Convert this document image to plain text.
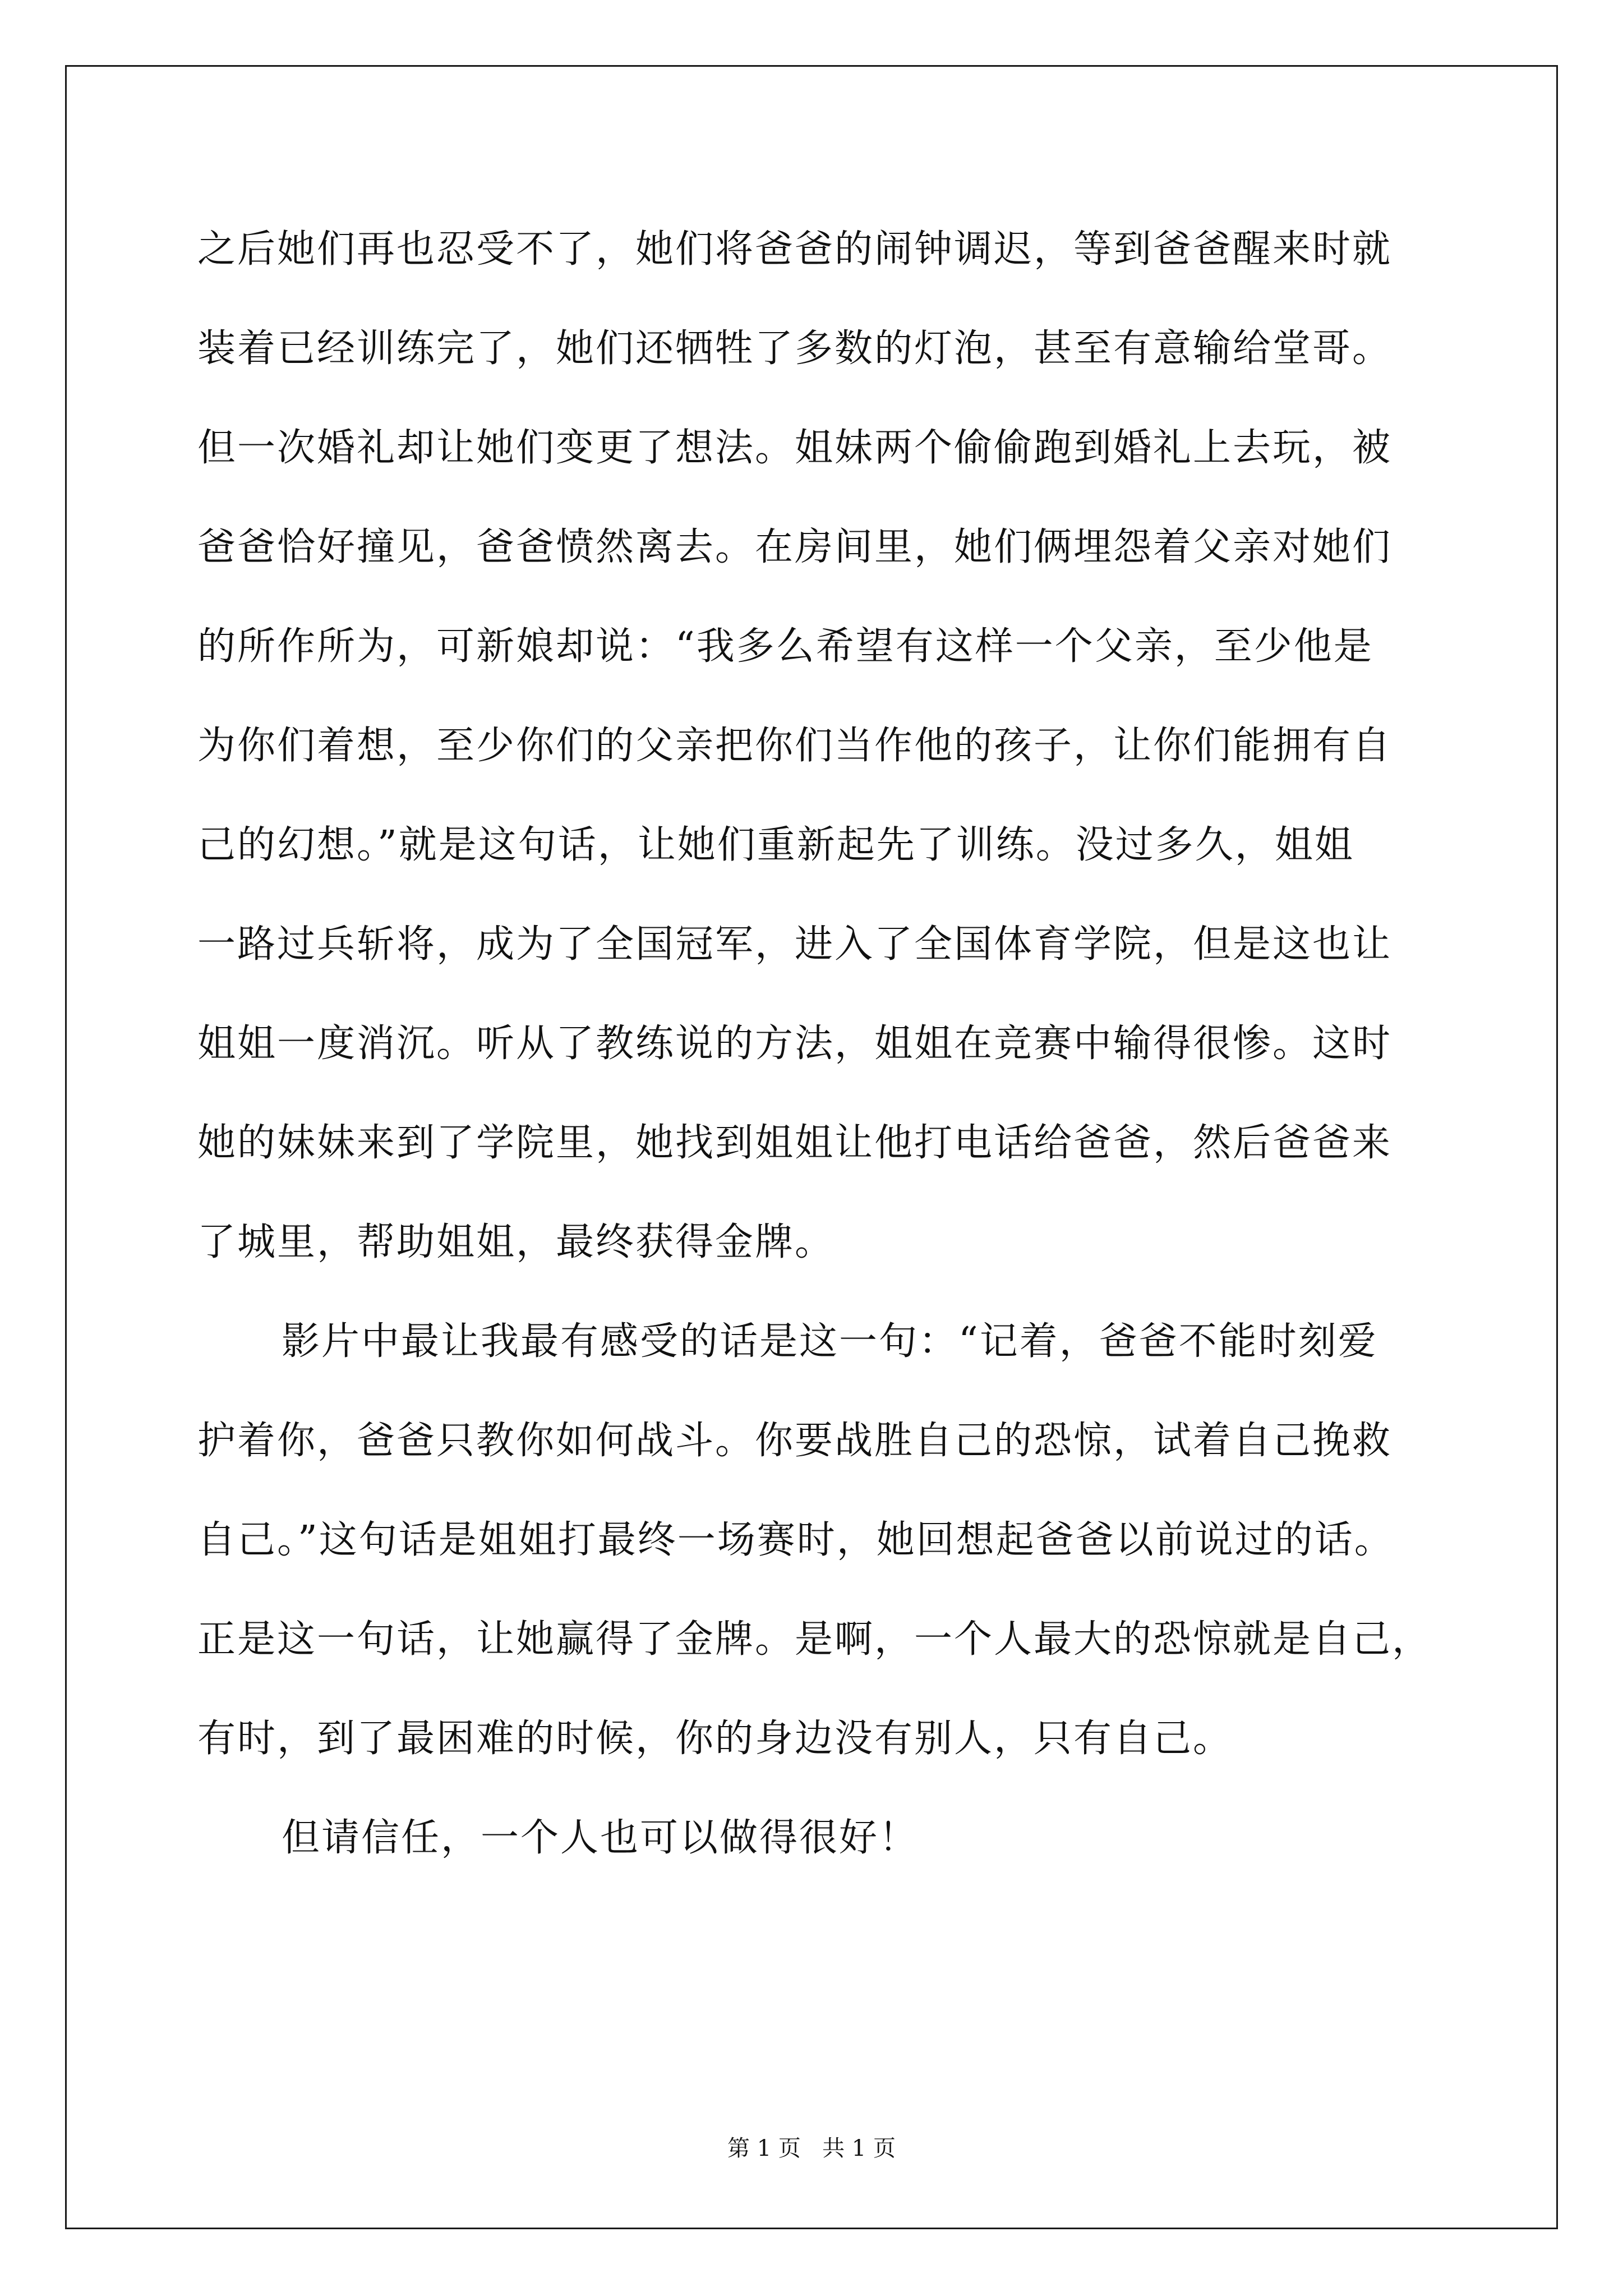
之后她们再也忍受不了，她们将爸爸的闹钟调迟，等到爸爸醒来时就
装着已经训练完了，她们还牺牲了多数的灯泡，甚至有意输给堂哥。
但一次婚礼却让她们变更了想法。姐妹两个偷偷跑到婚礼上去玩，被
爸爸恰好撞见，爸爸愤然离去。在房间里，她们俩埋怨着父亲对她们
的所作所为，可新娘却说：“我多么希望有这样一个父亲，至少他是
为你们着想，至少你们的父亲把你们当作他的孩子，让你们能拥有自
己的幻想。”就是这句话，让她们重新起先了训练。没过多久，姐姐
一路过兵斩将，成为了全国冠军，进入了全国体育学院，但是这也让
姐姐一度消沉。听从了教练说的方法，姐姐在竞赛中输得很惨。这时
她的妹妹来到了学院里，她找到姐姐让他打电话给爸爸，然后爸爸来
了城里，帮助姐姐，最终获得金牌。
影片中最让我最有感受的话是这一句：“记着，爸爸不能时刻爱
护着你，爸爸只教你如何战斗。你要战胜自己的恐惊，试着自己挽救
自己。”这句话是姐姐打最终一场赛时，她回想起爸爸以前说过的话。
正是这一句话，让她赢得了金牌。是啊，一个人最大的恐惊就是自己，
有时，到了最困难的时候，你的身边没有别人，只有自己。
但请信任，一个人也可以做得很好！
第 1 页 共 1 页
